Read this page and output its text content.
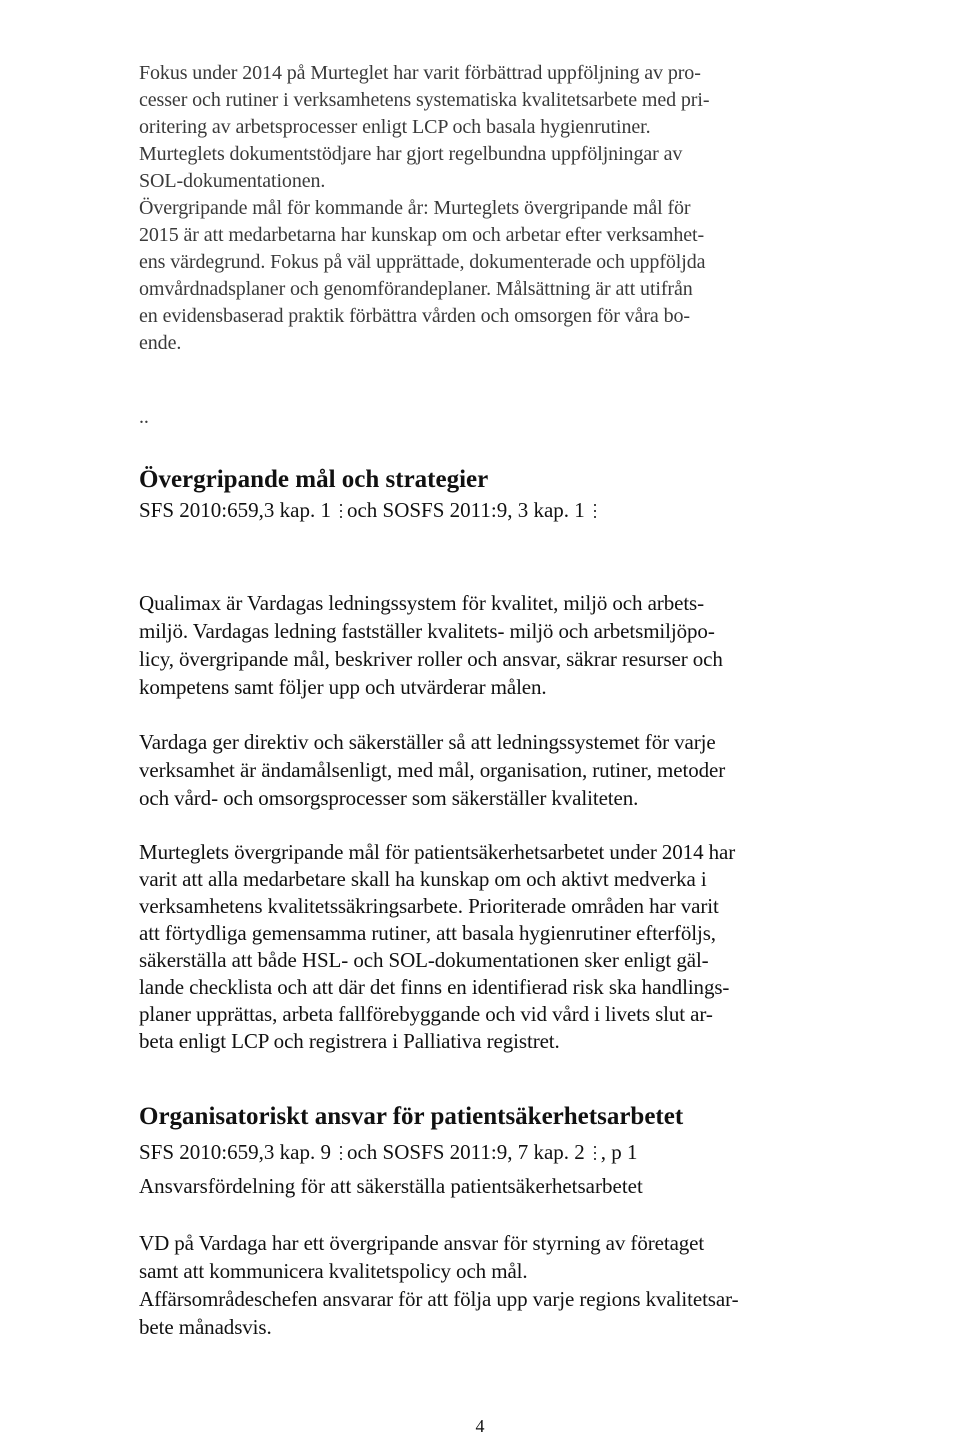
Fokus under 2014 på Murteglet har varit förbättrad uppföljning av pro-
cesser och rutiner i verksamhetens systematiska kvalitetsarbete med pri-
oritering av arbetsprocesser enligt LCP och basala hygienrutiner.
Murteglets dokumentstödjare har gjort regelbundna uppföljningar av
SOL-dokumentationen.
Övergripande mål för kommande år: Murteglets övergripande mål för
2015 är att medarbetarna har kunskap om och arbetar efter verksamhet-
ens värdegrund. Fokus på väl upprättade, dokumenterade och uppföljda
omvårdnadsplaner och genomförandeplaner. Målsättning är att utifrån
en evidensbaserad praktik förbättra vården och omsorgen för våra bo-
ende.
..
Övergripande mål och strategier
SFS 2010:659,3 kap. 1 och SOSFS 2011:9, 3 kap. 1
Qualimax är Vardagas ledningssystem för kvalitet, miljö och arbets-
miljö. Vardagas ledning fastställer kvalitets- miljö och arbetsmiljöpo-
licy, övergripande mål, beskriver roller och ansvar, säkrar resurser och
kompetens samt följer upp och utvärderar målen.
Vardaga ger direktiv och säkerställer så att ledningssystemet för varje
verksamhet är ändamålsenligt, med mål, organisation, rutiner, metoder
och vård- och omsorgsprocesser som säkerställer kvaliteten.
Murteglets övergripande mål för patientsäkerhetsarbetet under 2014 har
varit att alla medarbetare skall ha kunskap om och aktivt medverka i
verksamhetens kvalitetssäkringsarbete. Prioriterade områden har varit
att förtydliga gemensamma rutiner, att basala hygienrutiner efterföljs,
säkerställa att både HSL- och SOL-dokumentationen sker enligt gäl-
lande checklista och att där det finns en identifierad risk ska handlings-
planer upprättas, arbeta fallförebyggande och vid vård i livets slut ar-
beta enligt LCP och registrera i Palliativa registret.
Organisatoriskt ansvar för patientsäkerhetsarbetet
SFS 2010:659,3 kap. 9 och SOSFS 2011:9, 7 kap. 2 , p 1
Ansvarsfördelning för att säkerställa patientsäkerhetsarbetet
VD på Vardaga har ett övergripande ansvar för styrning av företaget
samt att kommunicera kvalitetspolicy och mål.
Affärsområdeschefen ansvarar för att följa upp varje regions kvalitetsar-
bete månadsvis.
4
